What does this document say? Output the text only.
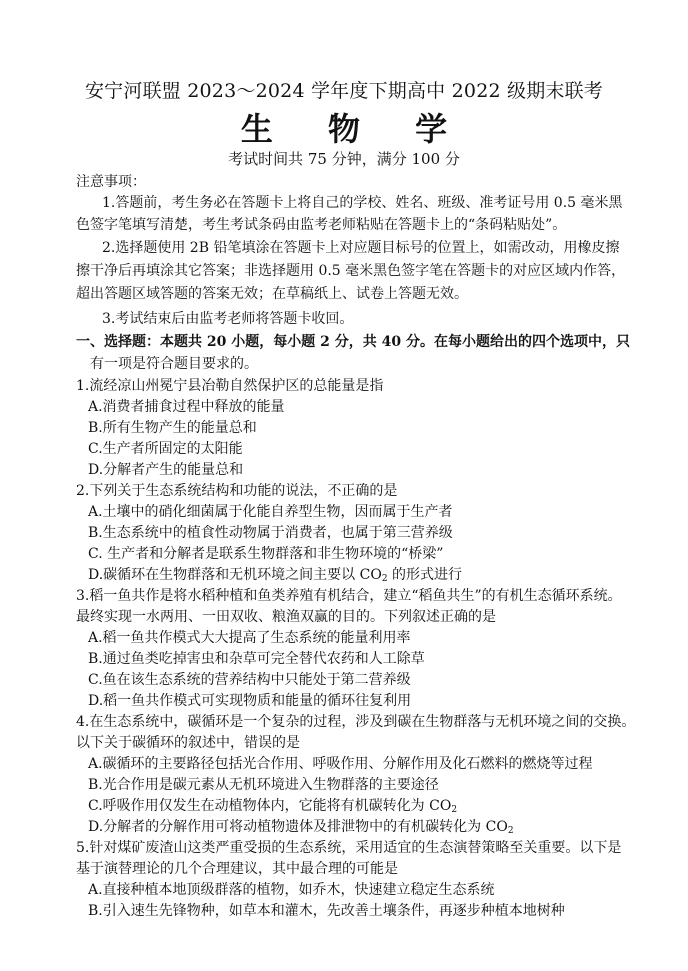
安宁河联盟 2023～2024 学年度下期高中 2022 级期末联考
生 物 学
考试时间共 75 分钟，满分 100 分
注意事项：
1.答题前，考生务必在答题卡上将自己的学校、姓名、班级、准考证号用 0.5 毫米黑
色签字笔填写清楚，考生考试条码由监考老师粘贴在答题卡上的“条码粘贴处”。
2.选择题使用 2B 铅笔填涂在答题卡上对应题目标号的位置上，如需改动，用橡皮擦
擦干净后再填涂其它答案；非选择题用 0.5 毫米黑色签字笔在答题卡的对应区域内作答，
超出答题区域答题的答案无效；在草稿纸上、试卷上答题无效。
3.考试结束后由监考老师将答题卡收回。
一、选择题：本题共 20 小题，每小题 2 分，共 40 分。在每小题给出的四个选项中，只
有一项是符合题目要求的。
1.流经凉山州冕宁县冶勒自然保护区的总能量是指
A.消费者捕食过程中释放的能量
B.所有生物产生的能量总和
C.生产者所固定的太阳能
D.分解者产生的能量总和
2.下列关于生态系统结构和功能的说法，不正确的是
A.土壤中的硝化细菌属于化能自养型生物，因而属于生产者
B.生态系统中的植食性动物属于消费者，也属于第三营养级
C. 生产者和分解者是联系生物群落和非生物环境的“桥梁”
D.碳循环在生物群落和无机环境之间主要以 $CO_2$ 的形式进行
3.稻一鱼共作是将水稻种植和鱼类养殖有机结合，建立“稻鱼共生”的有机生态循环系统。
最终实现一水两用、一田双收、粮渔双赢的目的。下列叙述正确的是
A.稻一鱼共作模式大大提高了生态系统的能量利用率
B.通过鱼类吃掉害虫和杂草可完全替代农药和人工除草
C.鱼在该生态系统的营养结构中只能处于第二营养级
D.稻一鱼共作模式可实现物质和能量的循环往复利用
4.在生态系统中，碳循环是一个复杂的过程，涉及到碳在生物群落与无机环境之间的交换。
以下关于碳循环的叙述中，错误的是
A.碳循环的主要路径包括光合作用、呼吸作用、分解作用及化石燃料的燃烧等过程
B.光合作用是碳元素从无机环境进入生物群落的主要途径
C.呼吸作用仅发生在动植物体内，它能将有机碳转化为 $CO_2$
D.分解者的分解作用可将动植物遗体及排泄物中的有机碳转化为 $CO_2$
5.针对煤矿废渣山这类严重受损的生态系统，采用适宜的生态演替策略至关重要。以下是
基于演替理论的几个合理建议，其中最合理的可能是
A.直接种植本地顶级群落的植物，如乔木，快速建立稳定生态系统
B.引入速生先锋物种，如草本和灌木，先改善土壤条件，再逐步种植本地树种
